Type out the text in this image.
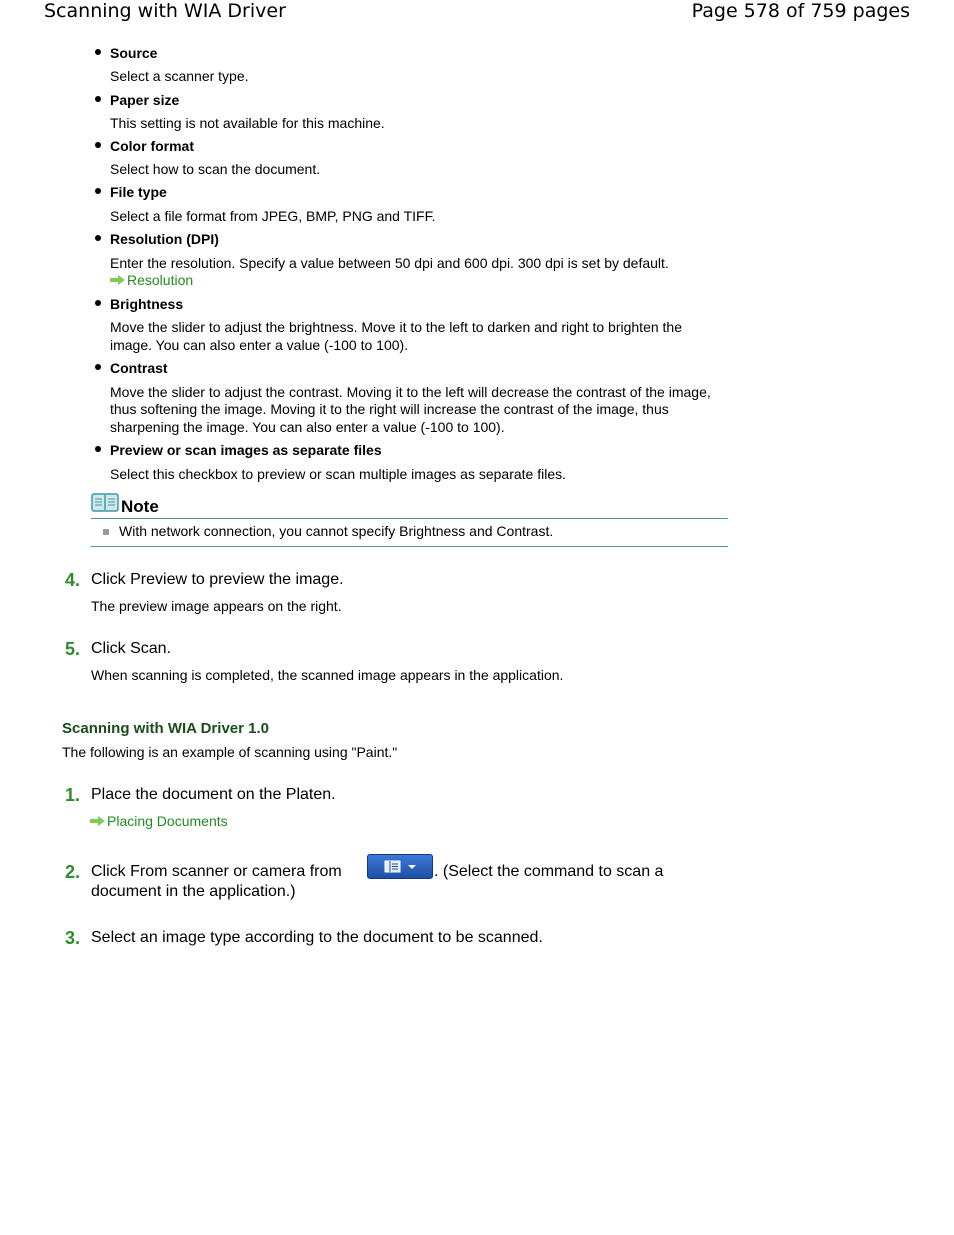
Scanning with WIA Driver	Page 578 of 759 pages
Source
Select a scanner type.
Paper size
This setting is not available for this machine.
Color format
Select how to scan the document.
File type
Select a file format from JPEG, BMP, PNG and TIFF.
Resolution (DPI)
Enter the resolution. Specify a value between 50 dpi and 600 dpi. 300 dpi is set by default.
Resolution
Brightness
Move the slider to adjust the brightness. Move it to the left to darken and right to brighten the
image. You can also enter a value (-100 to 100).
Contrast
Move the slider to adjust the contrast. Moving it to the left will decrease the contrast of the image,
thus softening the image. Moving it to the right will increase the contrast of the image, thus
sharpening the image. You can also enter a value (-100 to 100).
Preview or scan images as separate files
Select this checkbox to preview or scan multiple images as separate files.
Note
With network connection, you cannot specify Brightness and Contrast.
4. Click Preview to preview the image.
The preview image appears on the right.
5. Click Scan.
When scanning is completed, the scanned image appears in the application.
Scanning with WIA Driver 1.0
The following is an example of scanning using "Paint."
1. Place the document on the Platen.
Placing Documents
2. Click From scanner or camera from	. (Select the command to scan a
document in the application.)
3. Select an image type according to the document to be scanned.
